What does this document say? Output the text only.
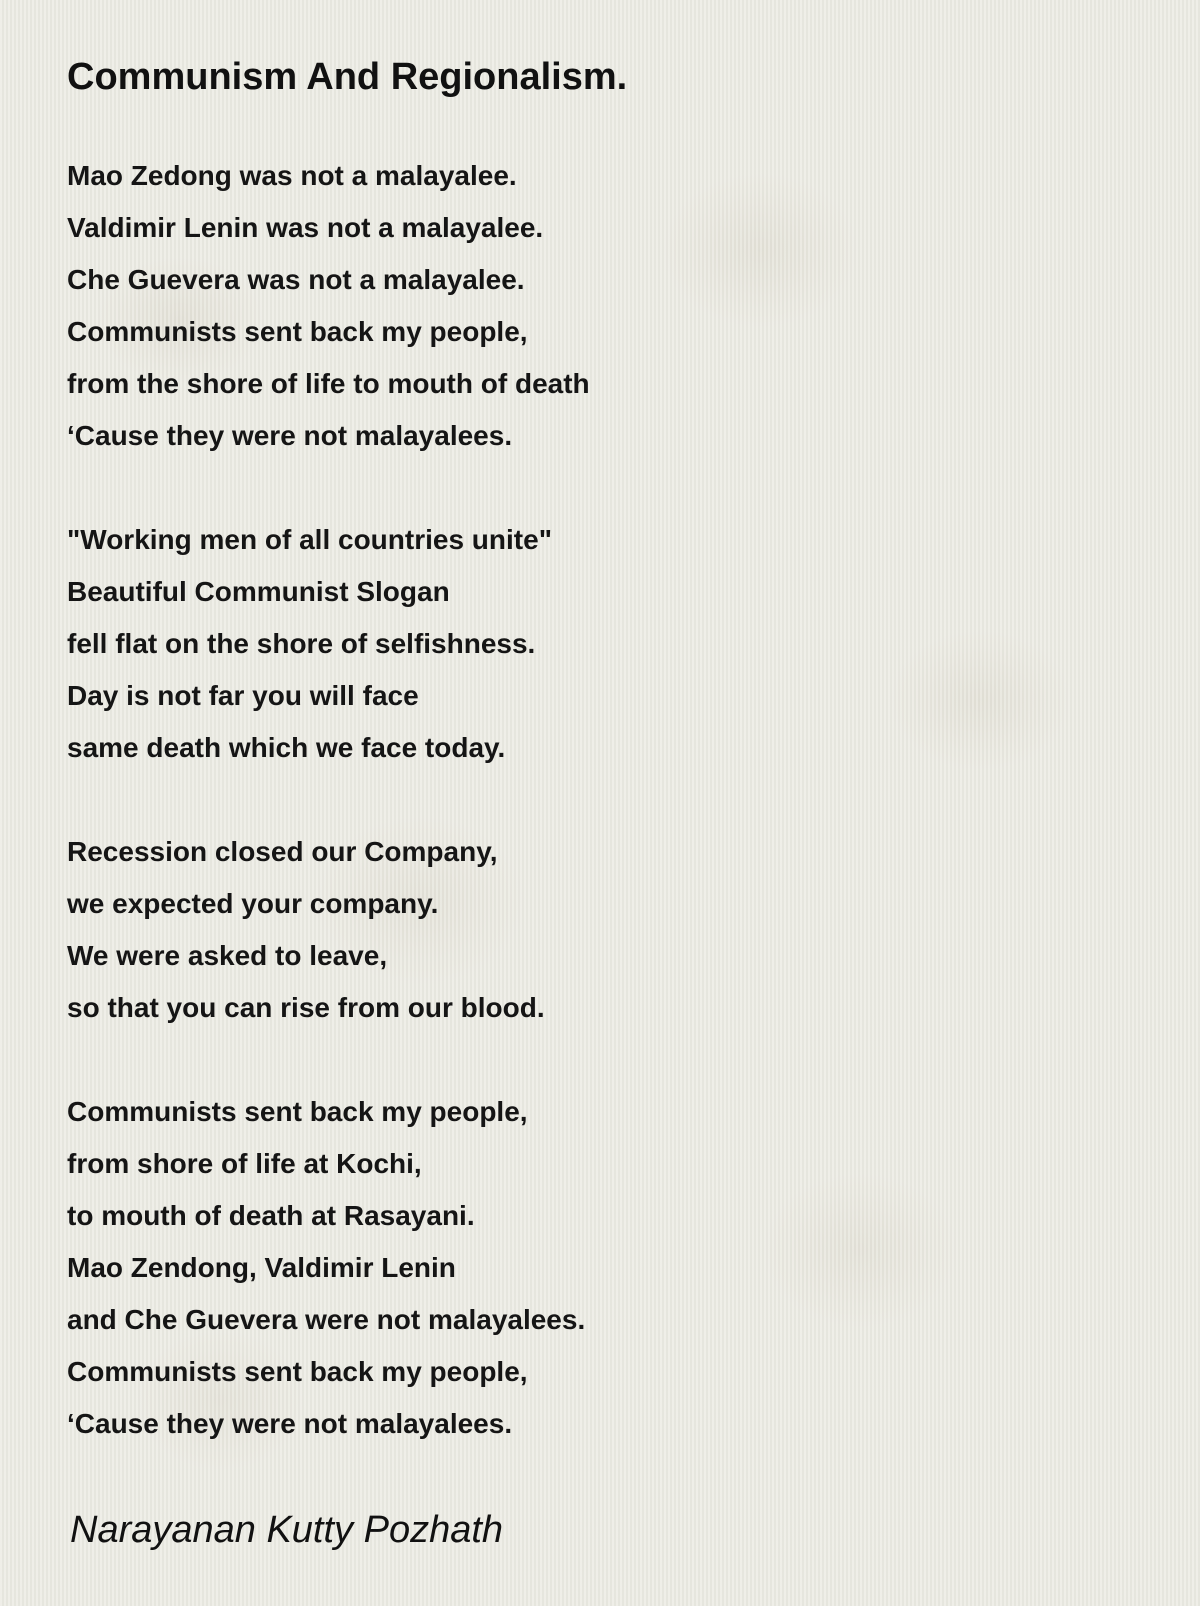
Communism And Regionalism.
Mao Zedong was not a malayalee.
Valdimir Lenin was not a malayalee.
Che Guevera was not a malayalee.
Communists sent back my people,
from the shore of life to mouth of death
‘Cause they were not malayalees.
"Working men of all countries unite"
Beautiful Communist Slogan
fell flat on the shore of selfishness.
Day is not far you will face
same death which we face today.
Recession closed our Company,
we expected your company.
We were asked to leave,
so that you can rise from our blood.
Communists sent back my people,
from shore of life at Kochi,
to mouth of death at Rasayani.
Mao Zendong, Valdimir Lenin
and Che Guevera were not malayalees.
Communists sent back my people,
‘Cause they were not malayalees.
Narayanan Kutty Pozhath
